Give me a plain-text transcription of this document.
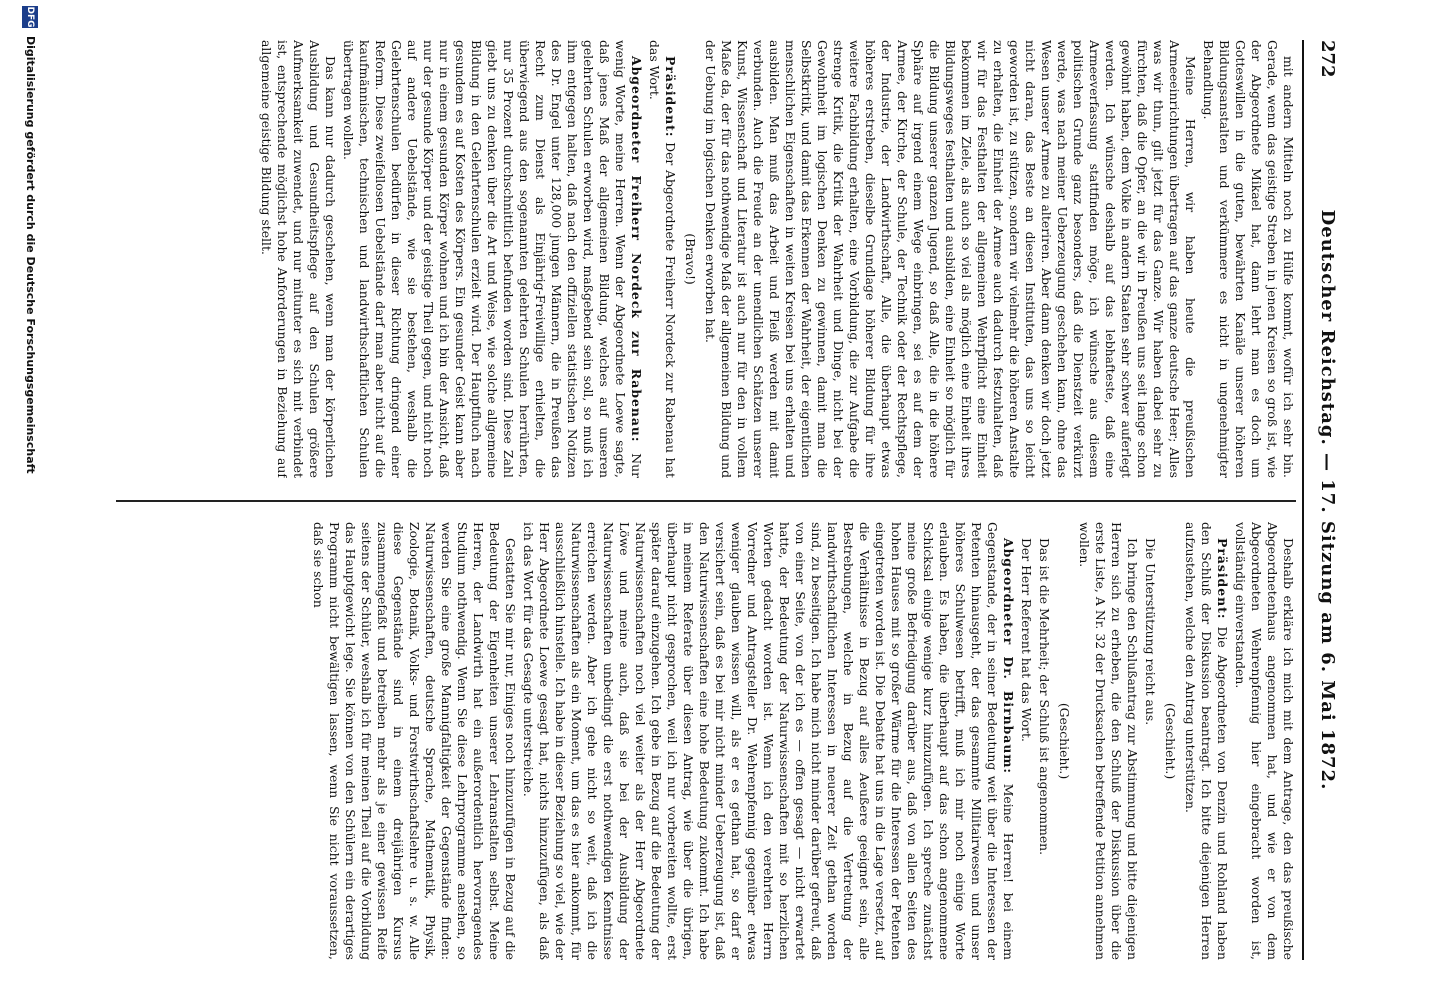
272
Deutscher Reichstag. — 17. Sitzung am 6. Mai 1872.

mit andern Mitteln noch zu Hülfe kommt, wofür ich sehr bin. Gerade, wenn das geistige Streben in jenen Kreisen so groß ist, wie der Abgeordnete Mikael hat, dann lehrt man es doch um Gotteswillen in die guten, bewährten Kanäle unserer höheren Bildungsanstalten und verkümmere es nicht in ungenehmigter Behandlung.

Meine Herren, wir haben heute die preußischen Armeeeinrichtungen übertragen auf das ganze deutsche Heer; Alles was wir thun, gilt jetzt für das Ganze. Wir haben dabei sehr zu fürchten, daß die Opfer, an die wir in Preußen uns seit lange schon gewöhnt haben, dem Volke in andern Staaten sehr schwer auferlegt werden. Ich wünsche deshalb auf das lebhafteste, daß eine Armeeverfassung stattfinden möge, ich wünsche aus diesem politischen Grunde ganz besonders, daß die Dienstzeit verkürzt werde, was nach meiner Ueberzeugung geschehen kann, ohne das Wesen unserer Armee zu alteriren. Aber dann denken wir doch jetzt nicht daran, das Beste an diesen Instituten, das uns so leicht geworden ist, zu stützen, sondern wir vielmehr die höheren Anstalte zu erhalten, die Einheit der Armee auch dadurch festzuhalten, daß wir für das Festhalten der allgemeinen Wehrpflicht eine Einheit bekommen im Ziele, als auch so viel als möglich eine Einheit ihres Bildungsweges festhalten und ausbilden, eine Einheit so möglich für die Bildung unserer ganzen Jugend, so daß Alle, die in die höhere Sphäre auf irgend einem Wege einbringen, sei es auf dem der Armee, der Kirche, der Schule, der Technik oder der Rechtspflege, der Industrie, der Landwirthschaft, Alle, die überhaupt etwas höheres erstreben, dieselbe Grundlage höherer Bildung für ihre weitere Fachbildung erhalten, eine Vorbildung, die zur Aufgabe die strenge Kritik, die Kritik der Wahrheit und Dinge, nicht bei der Gewohnheit im logischen Denken zu gewinnen, damit man die Selbstkritik, und damit das Erkennen der Wahrheit, der eigentlichen menschlichen Eigenschaften in weiten Kreisen bei uns erhalten und ausbilden. Man muß das Arbeit und Fleiß werden mit damit verbunden. Auch die Freude an der unendlichen Schätzen unserer Kunst, Wissenschaft und Literatur ist auch nur für den in vollem Maße da, der für das nothwendige Maß der allgemeinen Bildung und der Uebung im logischen Denken erworben hat.

(Bravo!)

Präsident: Der Abgeordnete Freiherr Nordeck zur Rabenau hat das Wort.

Abgeordneter Freiherr Nordeck zur Rabenau: Nur wenig Worte, meine Herren. Wenn der Abgeordnete Loewe sagte, daß jenes Maß der allgemeinen Bildung, welches auf unseren gelehrten Schulen erworben wird, maßgebend sein soll, so muß ich ihm entgegen halten, daß nach den offiziellen statistischen Notizen des Dr. Engel unter 128,000 jungen Männern, die in Preußen das Recht zum Dienst als Einjährig-Freiwillige erhielten, die überwiegend aus den sogenannten gelehrten Schulen herrührten, nur 35 Prozent durchschnittlich befunden worden sind. Diese Zahl giebt uns zu denken über die Art und Weise, wie solche allgemeine Bildung in den Gelehrtenschulen erzielt wird. Der Hauptfluch nach gesundem es auf Kosten des Körpers. Ein gesunder Geist kann aber nur in einem gesunden Körper wohnen und ich bin der Ansicht, daß nur der gesunde Körper und der geistige Theil gegen, und nicht noch auf andere Uebelstände, wie sie bestehen, weshalb die Gelehrtenschulen bedürfen in dieser Richtung dringend einer Reform. Diese zweifellosen Uebelstände darf man aber nicht auf die kaufmännischen, technischen und landwirthschaftlichen Schulen übertragen wollen.

Das kann nur dadurch geschehen, wenn man der körperlichen Ausbildung und Gesundheitspflege auf den Schulen größere Aufmerksamkeit zuwendet, und nur mitunter es sich mit verbindet ist, entsprechende möglichst hohe Anforderungen in Beziehung auf allgemeine geistige Bildung stellt.

Deshalb erkläre ich mich mit dem Antrage, den das preußische Abgeordnetenhaus angenommen hat, und wie er von dem Abgeordneten Wehrenpfennig hier eingebracht worden ist, vollständig einverstanden.

Präsident: Die Abgeordneten von Denzin und Rohland haben den Schluß der Diskussion beantragt. Ich bitte diejenigen Herren aufzustehen, welche den Antrag unterstützen.

(Geschieht.)

Die Unterstützung reicht aus.

Ich bringe den Schlußantrag zur Abstimmung und bitte diejenigen Herren sich zu erheben, die den Schluß der Diskussion über die erste Liste, A Nr. 32 der Drucksachen betreffende Petition annehmen wollen.

(Geschieht.)

Das ist die Mehrheit; der Schluß ist angenommen.

Der Herr Referent hat das Wort.

Abgeordneter Dr. Birnbaum: Meine Herren! bei einem Gegenstande, der in seiner Bedeutung weit über die Interessen der Petenten hinausgeht, der das gesammte Militairwesen und unser höheres Schulwesen betrifft, muß ich mir noch einige Worte erlauben. Es haben, die überhaupt auf das schon angenommene Schicksal einige wenige kurz hinzuzufügen. Ich spreche zunächst meine große Befriedigung darüber aus, daß von allen Seiten des hohen Hauses mit so großer Wärme für die Interessen der Petenten eingetreten worden ist. Die Debatte hat uns in die Lage versetzt, auf die Verhältnisse in Bezug auf alles Aeußere geeignet sein, alle Bestrebungen, welche in Bezug auf die Vertretung der landwirthschaftlichen Interessen in neuerer Zeit gethan worden sind, zu beseitigen. Ich habe mich nicht minder darüber gefreut, daß von einer Seite, von der ich es — offen gesagt — nicht erwartet hatte, der Bedeutung der Naturwissenschaften mit so herzlichen Worten gedacht worden ist. Wenn ich den verehrten Herrn Vorredner und Antragsteller Dr. Wehrenpfennig gegenüber etwas weniger glauben wissen will, als er es gethan hat, so darf er versichert sein, daß es bei mir nicht minder Ueberzeugung ist, daß den Naturwissenschaften eine hohe Bedeutung zukommt. Ich habe in meinem Referate über diesen Antrag, wie über die übrigen, überhaupt nicht gesprochen, weil ich nur vorbereiten wollte, erst später darauf einzugehen. Ich gebe in Bezug auf die Bedeutung der Naturwissenschaften noch viel weiter als der Herr Abgeordnete Löwe und meine auch, daß sie bei der Ausbildung der Naturwissenschaften unbedingt die erst nothwendigen Kenntnisse erreichen werden. Aber ich gehe nicht so weit, daß ich die Naturwissenschaften als ein Moment, um das es hier ankommt, für ausschließlich hinstelle. Ich habe in dieser Beziehung so viel, wie der Herr Abgeordnete Loewe gesagt hat, nichts hinzuzufügen, als daß ich das Wort für das Gesagte unterstreiche.

Gestatten Sie mir nur, Einiges noch hinzuzufügen in Bezug auf die Bedeutung der Eigenheiten unserer Lehranstalten selbst. Meine Herren, der Landwirth hat ein außerordentlich hervorragendes Studium nothwendig. Wenn Sie diese Lehrprogramme ansehen, so werden Sie eine große Mannigfaltigkeit der Gegenstände finden: Naturwissenschaften, deutsche Sprache, Mathematik, Physik, Zoologie, Botanik, Volks- und Forstwirthschaftslehre u. s. w. Alle diese Gegenstände sind in einem dreijährigen Kursus zusammengefaßt und betreiben mehr als je einer gewissen Reife seitens der Schüler, weshalb ich für meinen Theil auf die Vorbildung das Hauptgewicht lege. Sie können von den Schülern ein derartiges Programm nicht bewältigen lassen, wenn Sie nicht voraussetzen, daß sie schon

DFG
Digitalisierung gefördert durch die Deutsche Forschungsgemeinschaft
